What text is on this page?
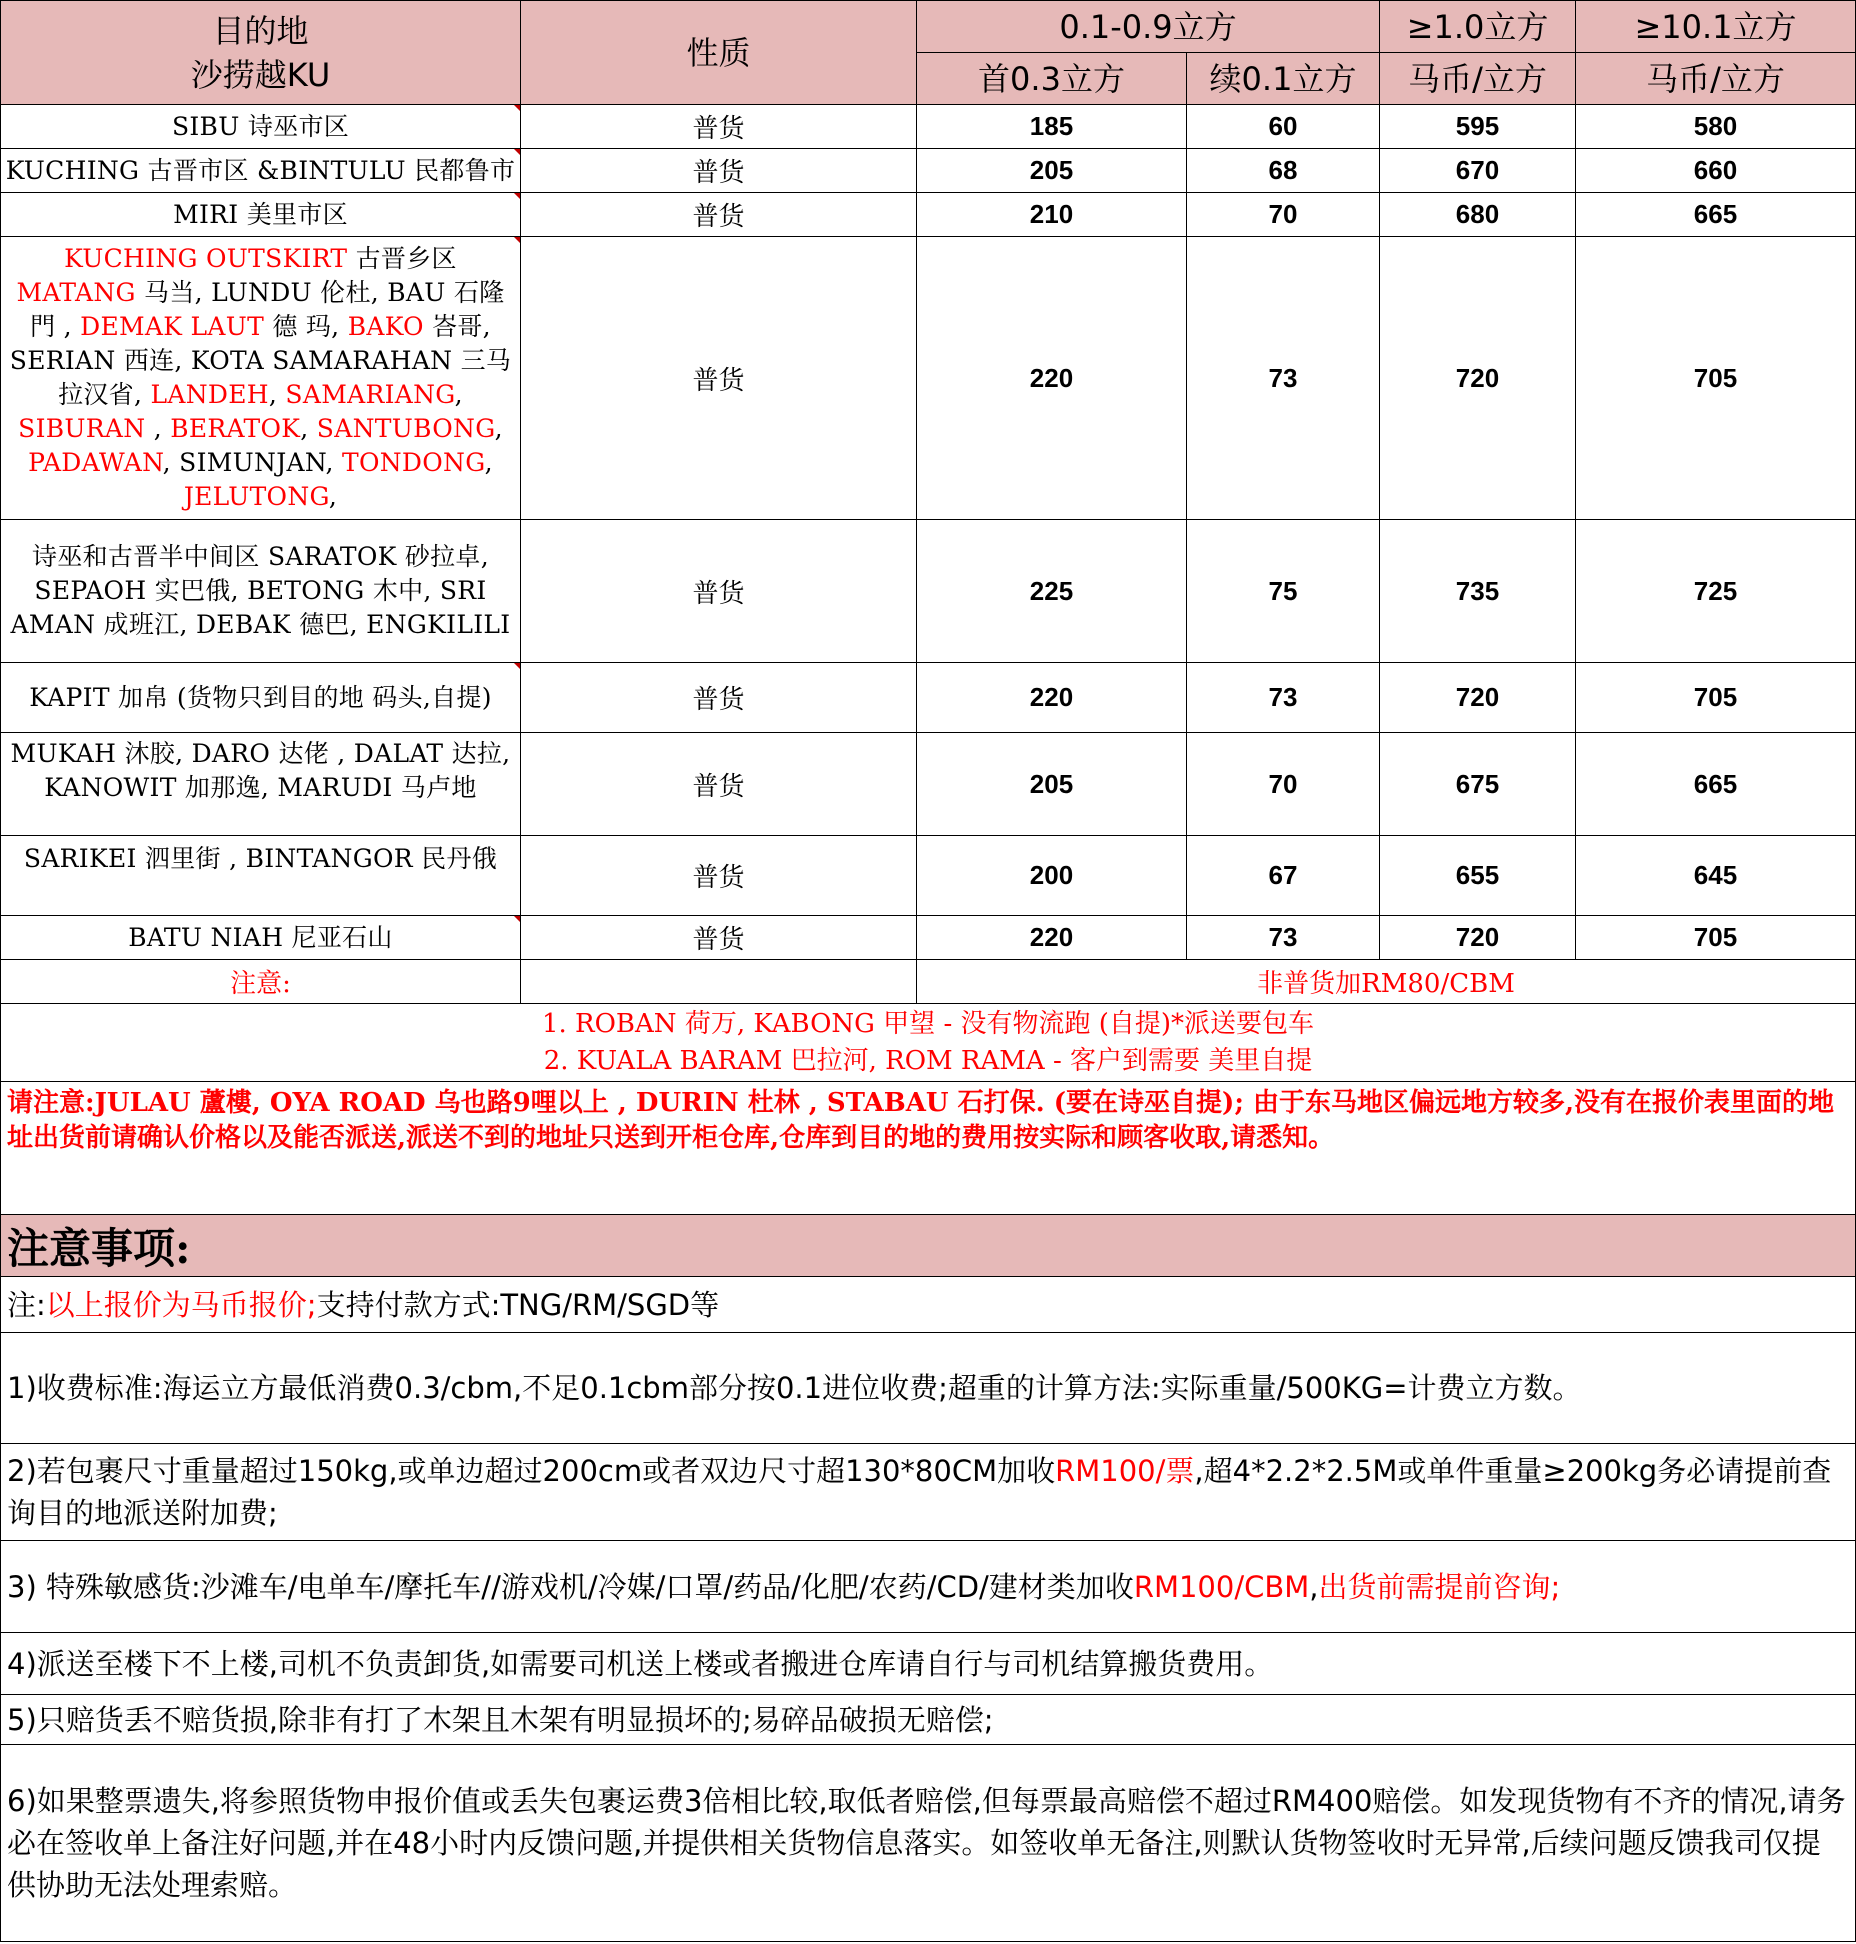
目的地
沙捞越KU	性质	0.1-0.9立方		≥1.0立方	≥10.1立方
		首0.3立方	续0.1立方	马币/立方	马币/立方
SIBU 诗巫市区	普货	185	60	595	580
KUCHING 古晋市区 &BINTULU 民都鲁市	普货	205	68	670	660
MIRI 美里市区	普货	210	70	680	665
KUCHING OUTSKIRT 古晋乡区 MATANG 马当, LUNDU 伦杜, BAU 石隆門 , DEMAK LAUT 德 玛, BAKO 峇哥, SERIAN 西连, KOTA SAMARAHAN 三马拉汉省, LANDEH, SAMARIANG, SIBURAN , BERATOK, SANTUBONG, PADAWAN, SIMUNJAN, TONDONG, JELUTONG,	普货	220	73	720	705
诗巫和古晋半中间区 SARATOK 砂拉卓, SEPAOH 实巴俄, BETONG 木中, SRI AMAN 成班江, DEBAK 德巴, ENGKILILI	普货	225	75	735	725
KAPIT 加帛 (货物只到目的地 码头,自提)	普货	220	73	720	705
MUKAH 沐胶, DARO 达佬 , DALAT 达拉, KANOWIT 加那逸, MARUDI 马卢地	普货	205	70	675	665
SARIKEI 泗里街 , BINTANGOR 民丹俄	普货	200	67	655	645
BATU NIAH 尼亚石山	普货	220	73	720	705
注意:		非普货加RM80/CBM			

1. ROBAN 荷万, KABONG 甲望 - 没有物流跑 (自提)*派送要包车
2. KUALA BARAM 巴拉河, ROM RAMA - 客户到需要 美里自提					

请注意:JULAU 蘆樓, OYA ROAD 乌也路9哩以上 , DURIN 杜林 , STABAU 石打保. (要在诗巫自提); 由于东马地区偏远地方较多,没有在报价表里面的地址出货前请确认价格以及能否派送,派送不到的地址只送到开柜仓库,仓库到目的地的费用按实际和顾客收取,请悉知。					
注意事项:					
注:以上报价为马币报价;支持付款方式:TNG/RM/SGD等					
1)收费标准:海运立方最低消费0.3/cbm,不足0.1cbm部分按0.1进位收费;超重的计算方法:实际重量/500KG=计费立方数。					
2)若包裹尺寸重量超过150kg,或单边超过200cm或者双边尺寸超130*80CM加收RM100/票,超4*2.2*2.5M或单件重量≥200kg务必请提前查询目的地派送附加费;					
3) 特殊敏感货:沙滩车/电单车/摩托车//游戏机/冷媒/口罩/药品/化肥/农药/CD/建材类加收RM100/CBM,出货前需提前咨询;					
4)派送至楼下不上楼,司机不负责卸货,如需要司机送上楼或者搬进仓库请自行与司机结算搬货费用。					
5)只赔货丢不赔货损,除非有打了木架且木架有明显损坏的;易碎品破损无赔偿;					
6)如果整票遗失,将参照货物申报价值或丢失包裹运费3倍相比较,取低者赔偿,但每票最高赔偿不超过RM400赔偿。如发现货物有不齐的情况,请务必在签收单上备注好问题,并在48小时内反馈问题,并提供相关货物信息落实。如签收单无备注,则默认货物签收时无异常,后续问题反馈我司仅提供协助无法处理索赔。					
